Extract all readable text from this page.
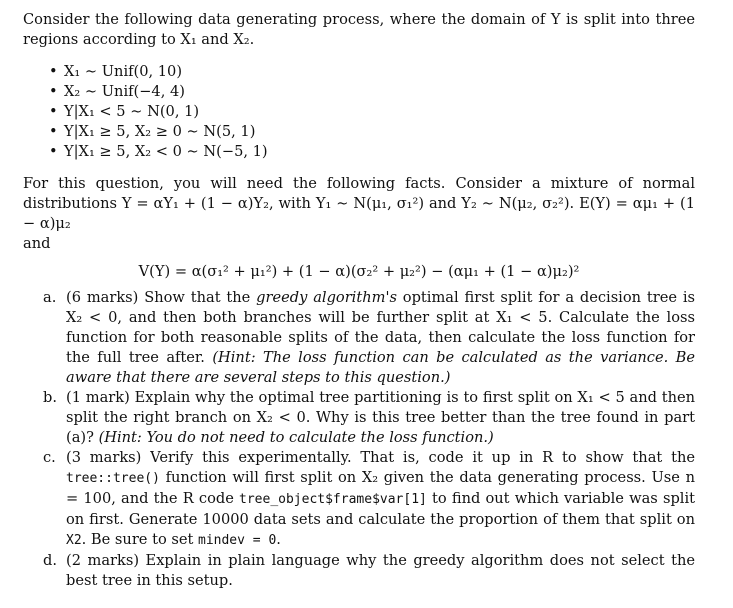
Consider the following data generating process, where the domain of Y is split into three regions according to X₁ and X₂.

• X₁ ∼ Unif(0, 10)
• X₂ ∼ Unif(−4, 4)
• Y|X₁ < 5 ∼ N(0, 1)
• Y|X₁ ≥ 5, X₂ ≥ 0 ∼ N(5, 1)
• Y|X₁ ≥ 5, X₂ < 0 ∼ N(−5, 1)

For this question, you will need the following facts. Consider a mixture of normal distributions Y = αY₁ + (1 − α)Y₂, with Y₁ ∼ N(μ₁, σ₁²) and Y₂ ∼ N(μ₂, σ₂²). E(Y) = αμ₁ + (1 − α)μ₂

and

V(Y) = α(σ₁² + μ₁²) + (1 − α)(σ₂² + μ₂²) − (αμ₁ + (1 − α)μ₂)²
a. (6 marks) Show that the greedy algorithm's optimal first split for a decision tree is X₂ < 0, and then both branches will be further split at X₁ < 5. Calculate the loss function for both reasonable splits of the data, then calculate the loss function for the full tree after. (Hint: The loss function can be calculated as the variance. Be aware that there are several steps to this question.)
b. (1 mark) Explain why the optimal tree partitioning is to first split on X₁ < 5 and then split the right branch on X₂ < 0. Why is this tree better than the tree found in part (a)? (Hint: You do not need to calculate the loss function.)
c. (3 marks) Verify this experimentally. That is, code it up in R to show that the tree::tree() function will first split on X₂ given the data generating process. Use n = 100, and the R code tree_object$frame$var[1] to find out which variable was split on first. Generate 10000 data sets and calculate the proportion of them that split on X2. Be sure to set mindev = 0.
d. (2 marks) Explain in plain language why the greedy algorithm does not select the best tree in this setup.
